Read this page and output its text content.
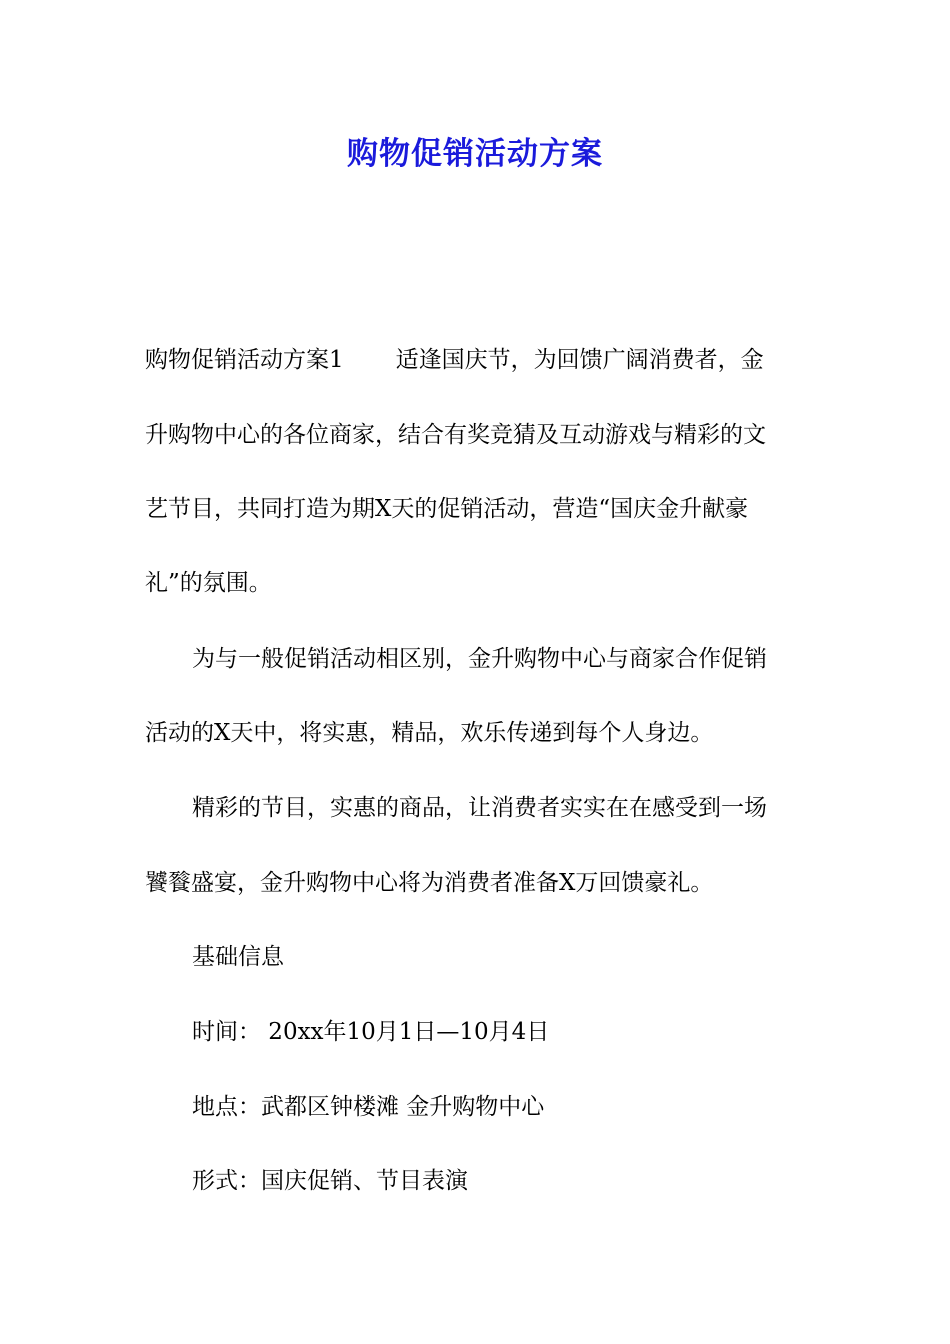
购物促销活动方案

购物促销活动方案1 适逢国庆节，为回馈广阔消费者，金

升购物中心的各位商家，结合有奖竞猜及互动游戏与精彩的文

艺节目，共同打造为期X天的促销活动，营造“国庆金升献豪

礼”的氛围。

为与一般促销活动相区别，金升购物中心与商家合作促销

活动的X天中，将实惠，精品，欢乐传递到每个人身边。

精彩的节目，实惠的商品，让消费者实实在在感受到一场

饕餮盛宴，金升购物中心将为消费者准备X万回馈豪礼。

基础信息

时间： 20xx年10月1日—10月4日

地点：武都区钟楼滩 金升购物中心

形式：国庆促销、节目表演
